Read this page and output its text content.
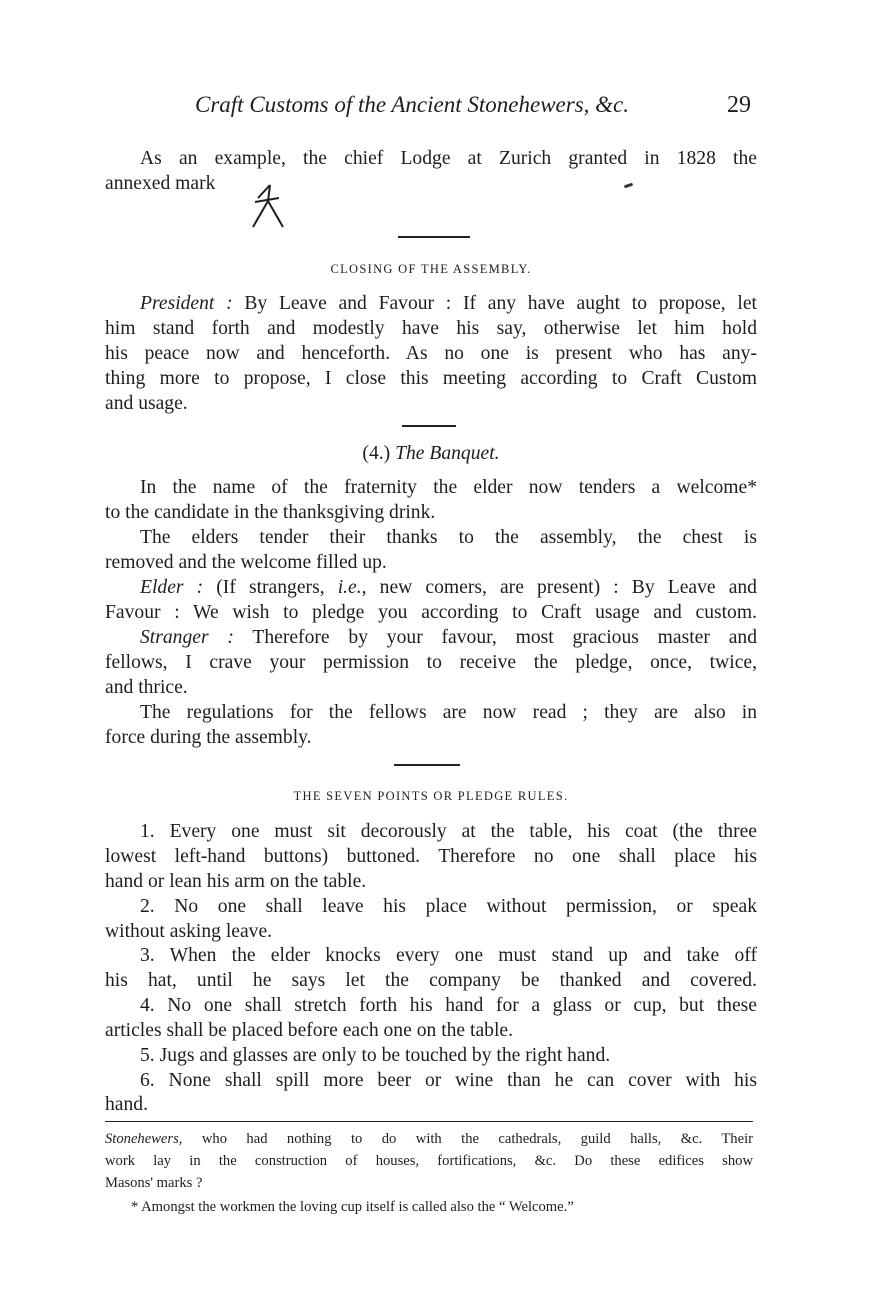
Craft Customs of the Ancient Stonehewers, &c.	29
As an example, the chief Lodge at Zurich granted in 1828 the
annexed mark
CLOSING OF THE ASSEMBLY.
President : By Leave and Favour : If any have aught to propose, let
him stand forth and modestly have his say, otherwise let him hold
his peace now and henceforth. As no one is present who has any-
thing more to propose, I close this meeting according to Craft Custom
and usage.
(4.) The Banquet.
In the name of the fraternity the elder now tenders a welcome*
to the candidate in the thanksgiving drink.
The elders tender their thanks to the assembly, the chest is
removed and the welcome filled up.
Elder : (If strangers, i.e., new comers, are present) : By Leave and
Favour : We wish to pledge you according to Craft usage and custom.
Stranger : Therefore by your favour, most gracious master and
fellows, I crave your permission to receive the pledge, once, twice,
and thrice.
The regulations for the fellows are now read ; they are also in
force during the assembly.
THE SEVEN POINTS OR PLEDGE RULES.
1. Every one must sit decorously at the table, his coat (the three
lowest left-hand buttons) buttoned. Therefore no one shall place his
hand or lean his arm on the table.
2. No one shall leave his place without permission, or speak
without asking leave.
3. When the elder knocks every one must stand up and take off
his hat, until he says let the company be thanked and covered.
4. No one shall stretch forth his hand for a glass or cup, but these
articles shall be placed before each one on the table.
5. Jugs and glasses are only to be touched by the right hand.
6. None shall spill more beer or wine than he can cover with his
hand.
Stonehewers, who had nothing to do with the cathedrals, guild halls, &c. Their
work lay in the construction of houses, fortifications, &c. Do these edifices show
Masons' marks ?
* Amongst the workmen the loving cup itself is called also the “ Welcome.”
